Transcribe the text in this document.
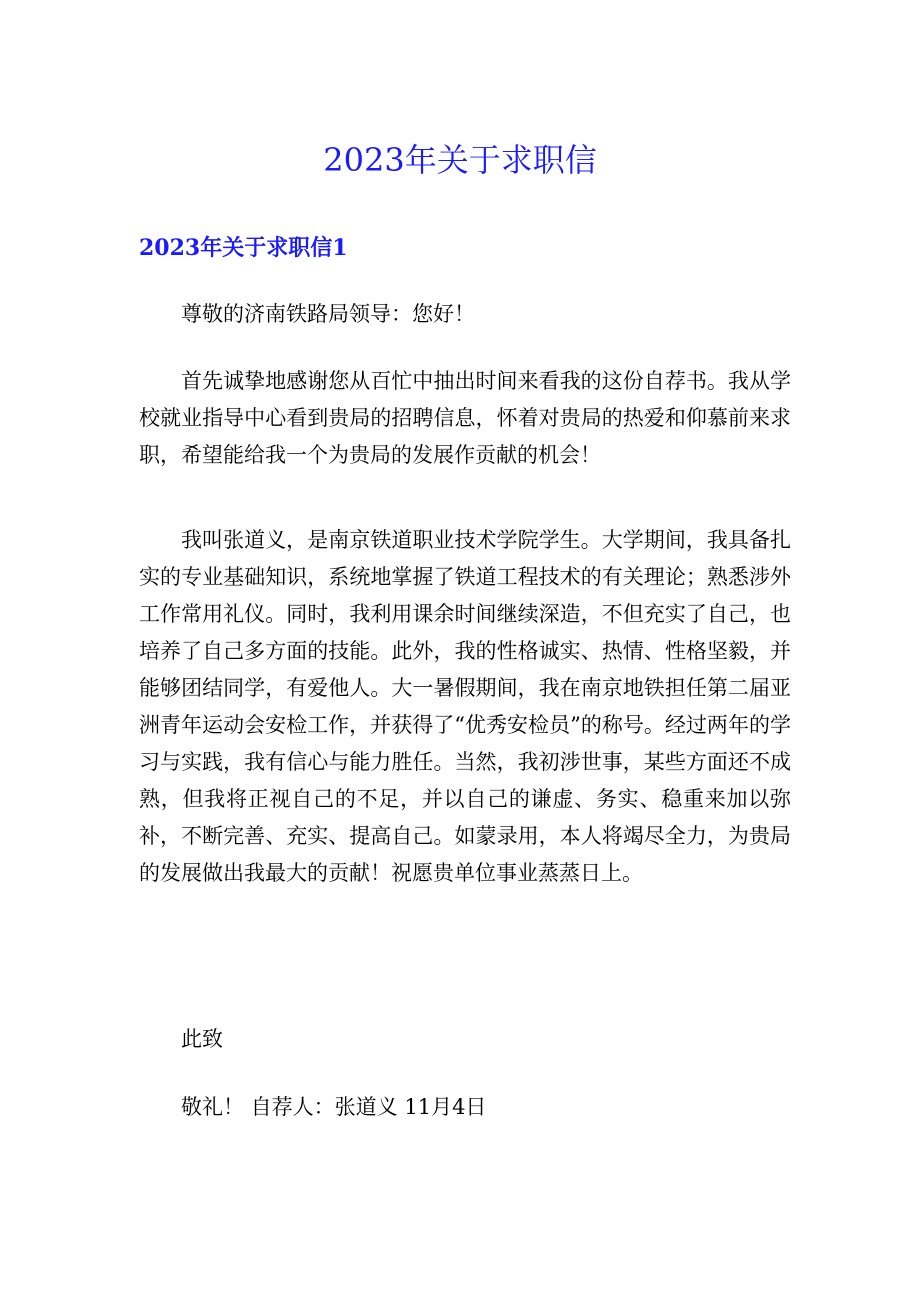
2023年关于求职信
2023年关于求职信1

尊敬的济南铁路局领导：您好！

首先诚挚地感谢您从百忙中抽出时间来看我的这份自荐书。我从学校就业指导中心看到贵局的招聘信息，怀着对贵局的热爱和仰慕前来求职，希望能给我一个为贵局的发展作贡献的机会！

我叫张道义，是南京铁道职业技术学院学生。大学期间，我具备扎实的专业基础知识，系统地掌握了铁道工程技术的有关理论；熟悉涉外工作常用礼仪。同时，我利用课余时间继续深造，不但充实了自己，也培养了自己多方面的技能。此外，我的性格诚实、热情、性格坚毅，并能够团结同学，有爱他人。大一暑假期间，我在南京地铁担任第二届亚洲青年运动会安检工作，并获得了“优秀安检员”的称号。经过两年的学习与实践，我有信心与能力胜任。当然，我初涉世事，某些方面还不成熟，但我将正视自己的不足，并以自己的谦虚、务实、稳重来加以弥补，不断完善、充实、提高自己。如蒙录用，本人将竭尽全力，为贵局的发展做出我最大的贡献！祝愿贵单位事业蒸蒸日上。

此致

敬礼！ 自荐人：张道义 11月4日
